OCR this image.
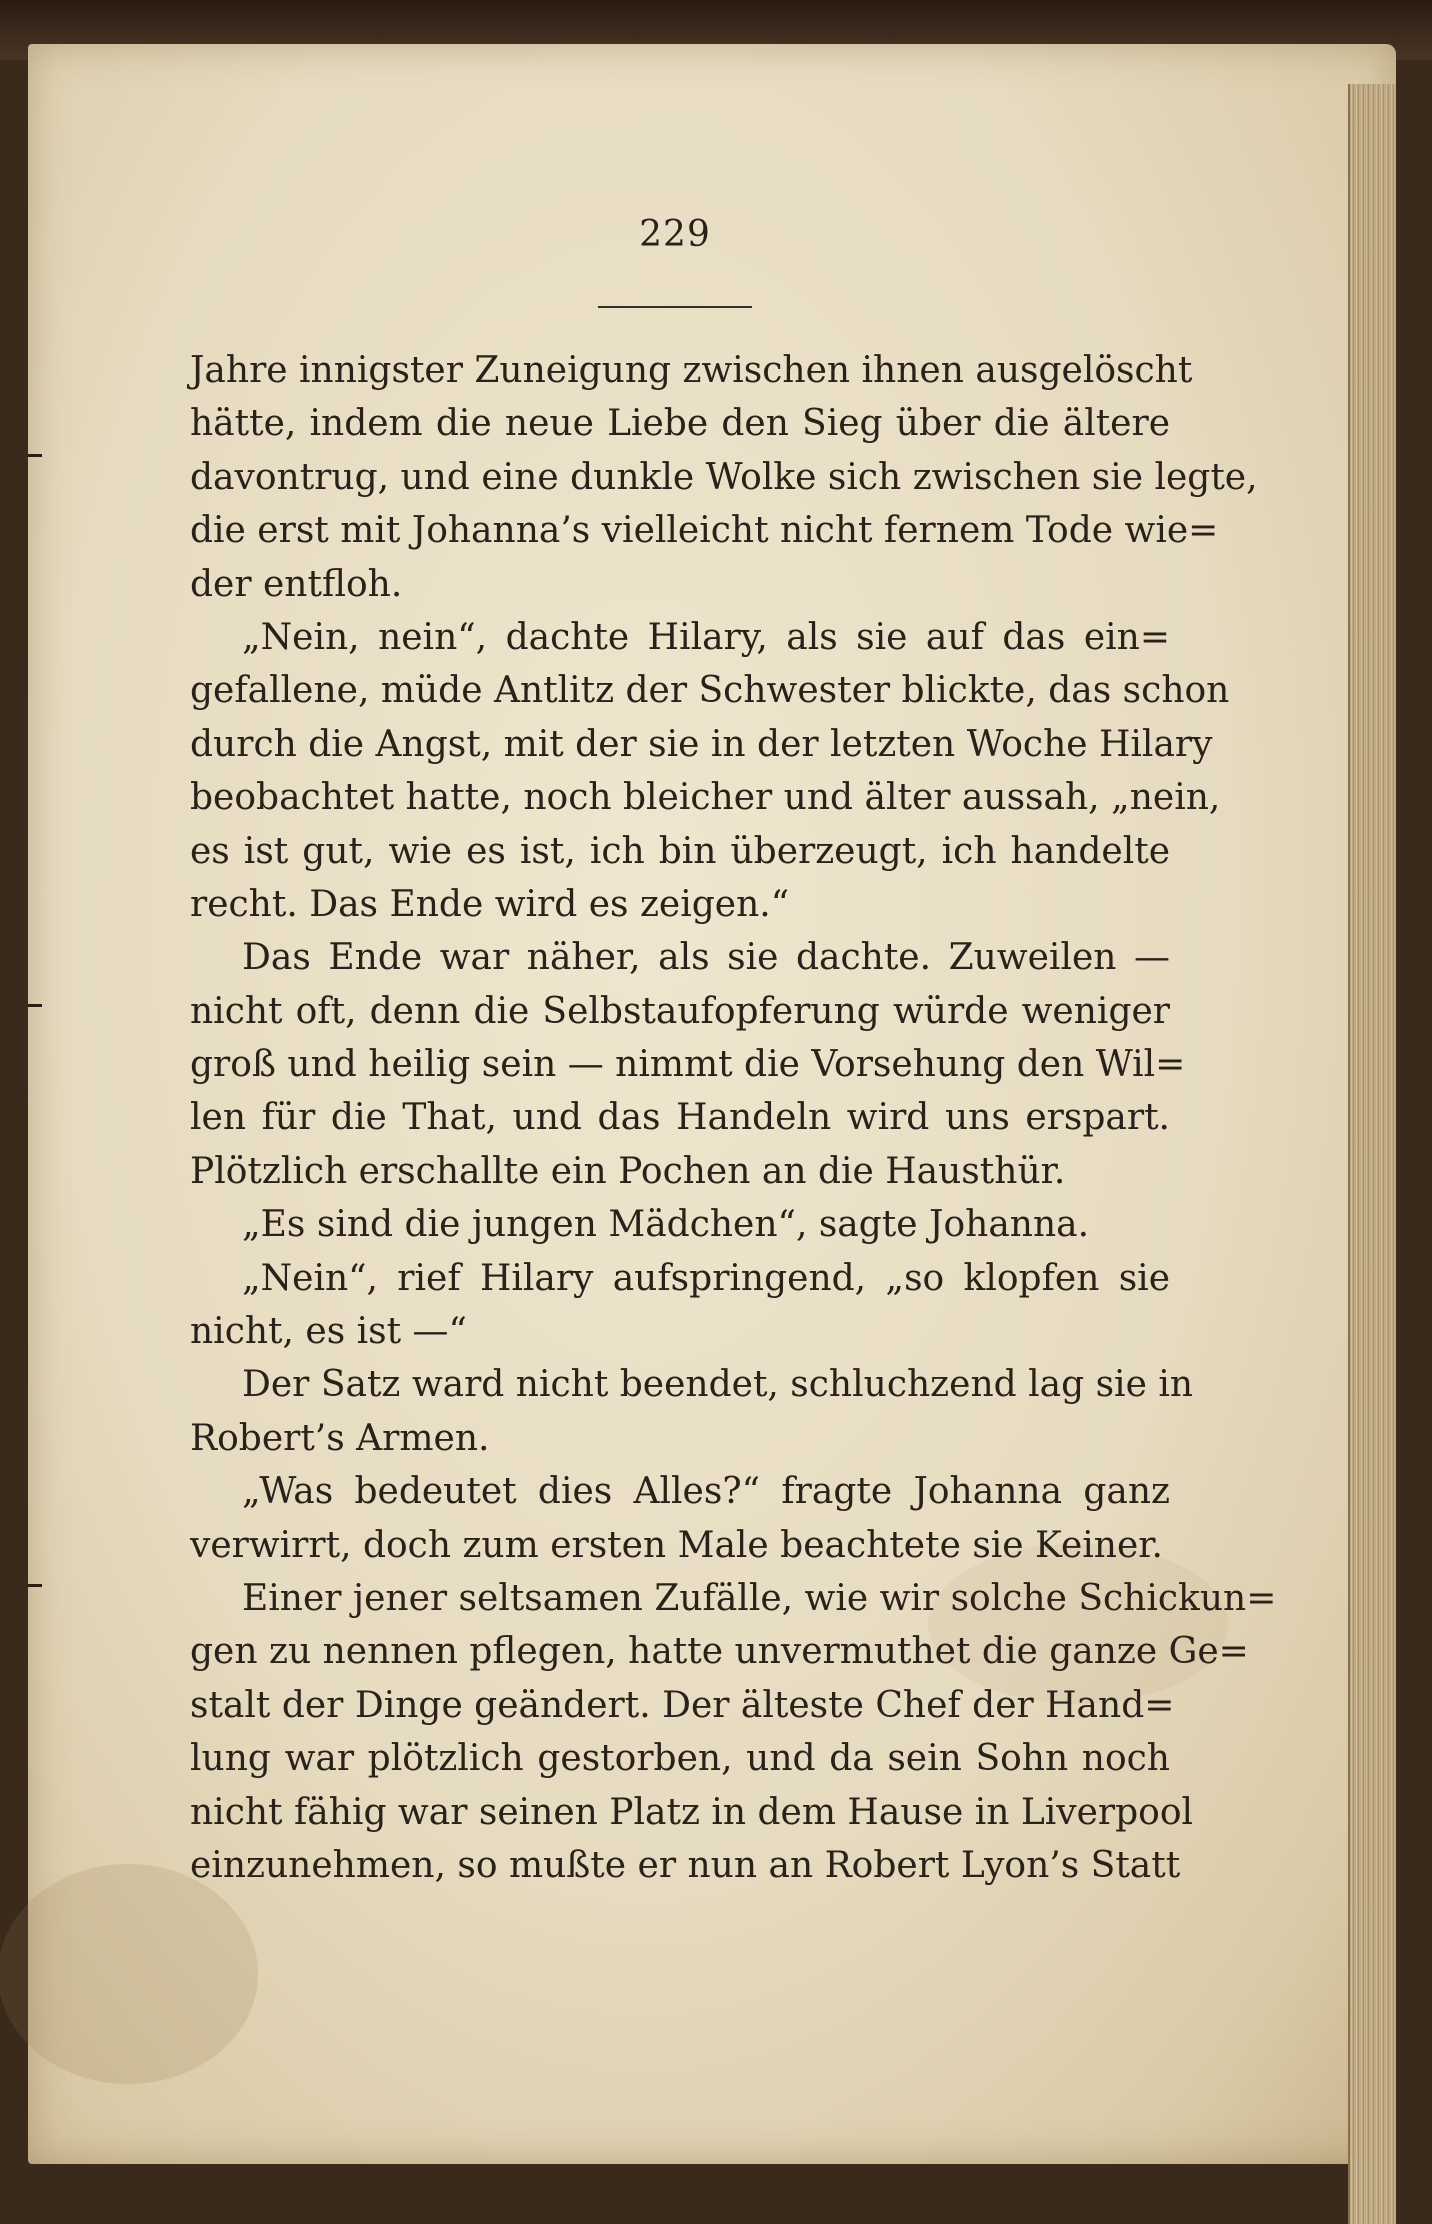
229
Jahre innigster Zuneigung zwischen ihnen ausgelöscht
hätte, indem die neue Liebe den Sieg über die ältere
davontrug, und eine dunkle Wolke sich zwischen sie legte,
die erst mit Johanna’s vielleicht nicht fernem Tode wie=
der entfloh.
„Nein, nein“, dachte Hilary, als sie auf das ein=
gefallene, müde Antlitz der Schwester blickte, das schon
durch die Angst, mit der sie in der letzten Woche Hilary
beobachtet hatte, noch bleicher und älter aussah, „nein,
es ist gut, wie es ist, ich bin überzeugt, ich handelte
recht. Das Ende wird es zeigen.“
Das Ende war näher, als sie dachte. Zuweilen —
nicht oft, denn die Selbstaufopferung würde weniger
groß und heilig sein — nimmt die Vorsehung den Wil=
len für die That, und das Handeln wird uns erspart.
Plötzlich erschallte ein Pochen an die Hausthür.
„Es sind die jungen Mädchen“, sagte Johanna.
„Nein“, rief Hilary aufspringend, „so klopfen sie
nicht, es ist —“
Der Satz ward nicht beendet, schluchzend lag sie in
Robert’s Armen.
„Was bedeutet dies Alles?“ fragte Johanna ganz
verwirrt, doch zum ersten Male beachtete sie Keiner.
Einer jener seltsamen Zufälle, wie wir solche Schickun=
gen zu nennen pflegen, hatte unvermuthet die ganze Ge=
stalt der Dinge geändert. Der älteste Chef der Hand=
lung war plötzlich gestorben, und da sein Sohn noch
nicht fähig war seinen Platz in dem Hause in Liverpool
einzunehmen, so mußte er nun an Robert Lyon’s Statt
